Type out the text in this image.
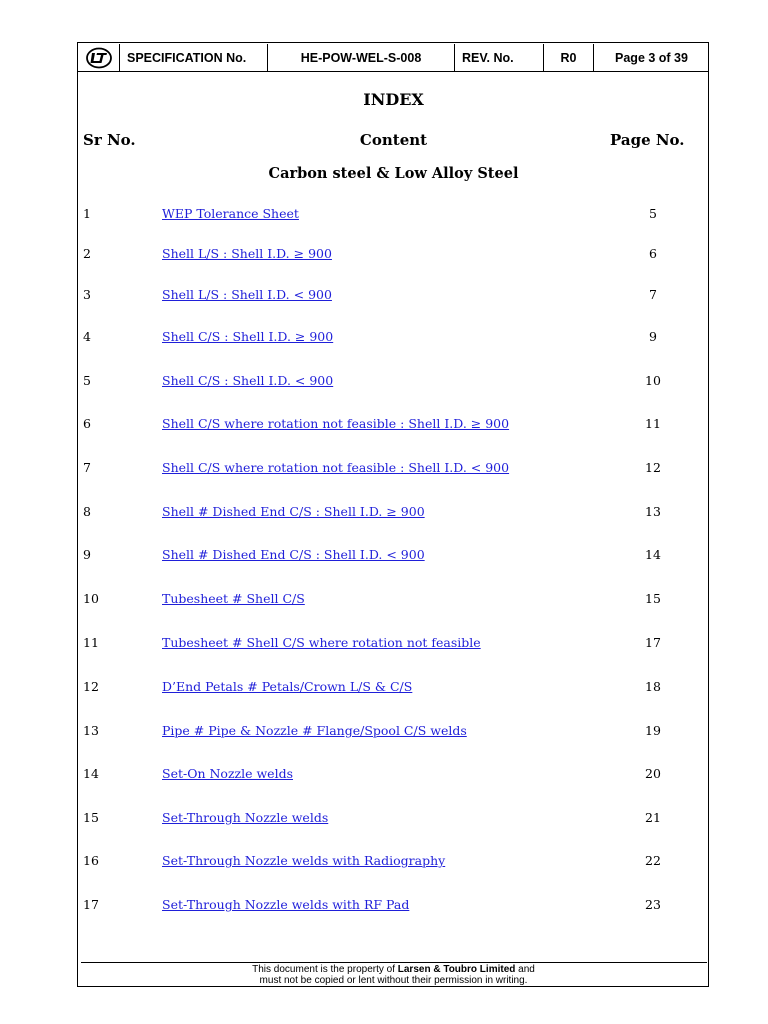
SPECIFICATION No.	HE-POW-WEL-S-008	REV. No.	R0	Page 3 of 39
INDEX
Sr No.	Content	Page No.
Carbon steel & Low Alloy Steel
1	WEP Tolerance Sheet	5
2	Shell L/S : Shell I.D. ≥ 900	6
3	Shell L/S : Shell I.D. < 900	7
4	Shell C/S : Shell I.D. ≥ 900	9
5	Shell C/S : Shell I.D. < 900	10
6	Shell C/S where rotation not feasible : Shell I.D. ≥ 900	11
7	Shell C/S where rotation not feasible : Shell I.D. < 900	12
8	Shell # Dished End C/S : Shell I.D. ≥ 900	13
9	Shell # Dished End C/S : Shell I.D. < 900	14
10	Tubesheet # Shell C/S	15
11	Tubesheet # Shell C/S where rotation not feasible	17
12	D’End Petals # Petals/Crown L/S & C/S	18
13	Pipe # Pipe & Nozzle # Flange/Spool C/S welds	19
14	Set-On Nozzle welds	20
15	Set-Through Nozzle welds	21
16	Set-Through Nozzle welds with Radiography	22
17	Set-Through Nozzle welds with RF Pad	23
This document is the property of Larsen & Toubro Limited and
must not be copied or lent without their permission in writing.
